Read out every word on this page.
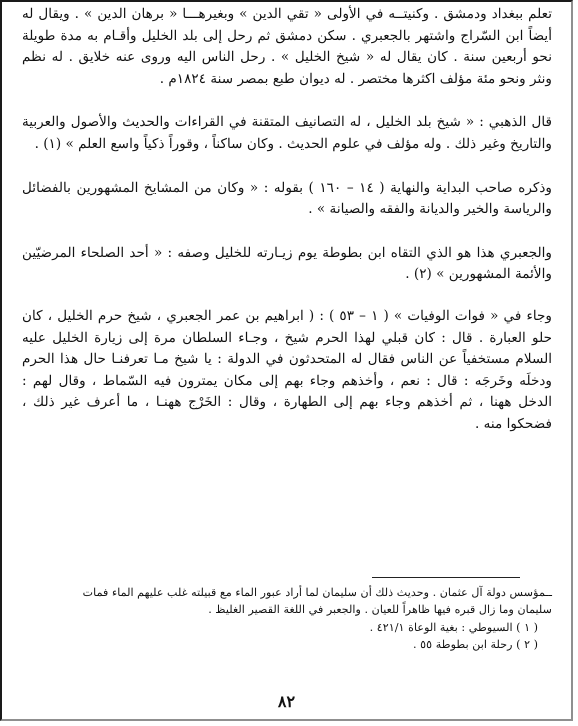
تعلم ببغداد ودمشق . وكنيتــه في الأولى « تقي الدين » وبغيرهـــا « برهان الدين » . ويقال له أيضاً ابن السّراج واشتهر بالجعبري . سكن دمشق ثم رحل إلى بلد الخليل وأقـام به مدة طويلة نحو أربعين سنة . كان يقال له « شيخ الخليل » . رحل الناس اليه وروى عنه خلايق . له نظم ونثر ونحو مئة مؤلف اكثرها مختصر . له ديوان طبع بمصر سنة ١٨٢٤م .

قال الذهبي : « شيخ بلد الخليل ، له التصانيف المتقنة في القراءات والحديث والأصول والعربية والتاريخ وغير ذلك . وله مؤلف في علوم الحديث . وكان ساكناً ، وقوراً ذكياً واسع العلم » (١) .

وذكره صاحب البداية والنهاية ( ١٤ – ١٦٠ ) بقوله : « وكان من المشايخ المشهورين بالفضائل والرياسة والخير والديانة والفقه والصيانة » .

والجعبري هذا هو الذي التقاه ابن بطوطة يوم زيـارته للخليل وصفه : « أحد الصلحاء المرضيّين والأئمة المشهورين » (٢) .

وجاء في « فوات الوفيات » ( ١ – ٥٣ ) : ( ابراهيم بن عمر الجعبري ، شيخ حرم الخليل ، كان حلو العبارة . قال : كان قبلي لهذا الحرم شيخ ، وجـاء السلطان مرة إلى زيارة الخليل عليه السلام مستخفياً عن الناس فقال له المتحدثون في الدولة : يا شيخ مـا تعرفنـا حال هذا الحرم ودخلَه وخَرجَه : قال : نعم ، وأخذهم وجاء بهم إلى مكان يمترون فيه السّماط ، وقال لهم : الدخل ههنا ، ثم أخذهم وجاء بهم إلى الطهارة ، وقال : الخَرْج ههنـا ، ما أعرف غير ذلك ، فضحكوا منه .

ــمؤسس دولة آل عثمان . وحديث ذلك أن سليمان لما أراد عبور الماء مع قبيلته غلب عليهم الماء فمات
سليمان وما زال قبره فيها ظاهراً للعيان . والجعبر في اللغة القصير الغليظ .
( ١ ) السيوطي : بغية الوعاة ٤٢١/١ .
( ٢ ) رحلة ابن بطوطة ٥٥ .
٨٢
